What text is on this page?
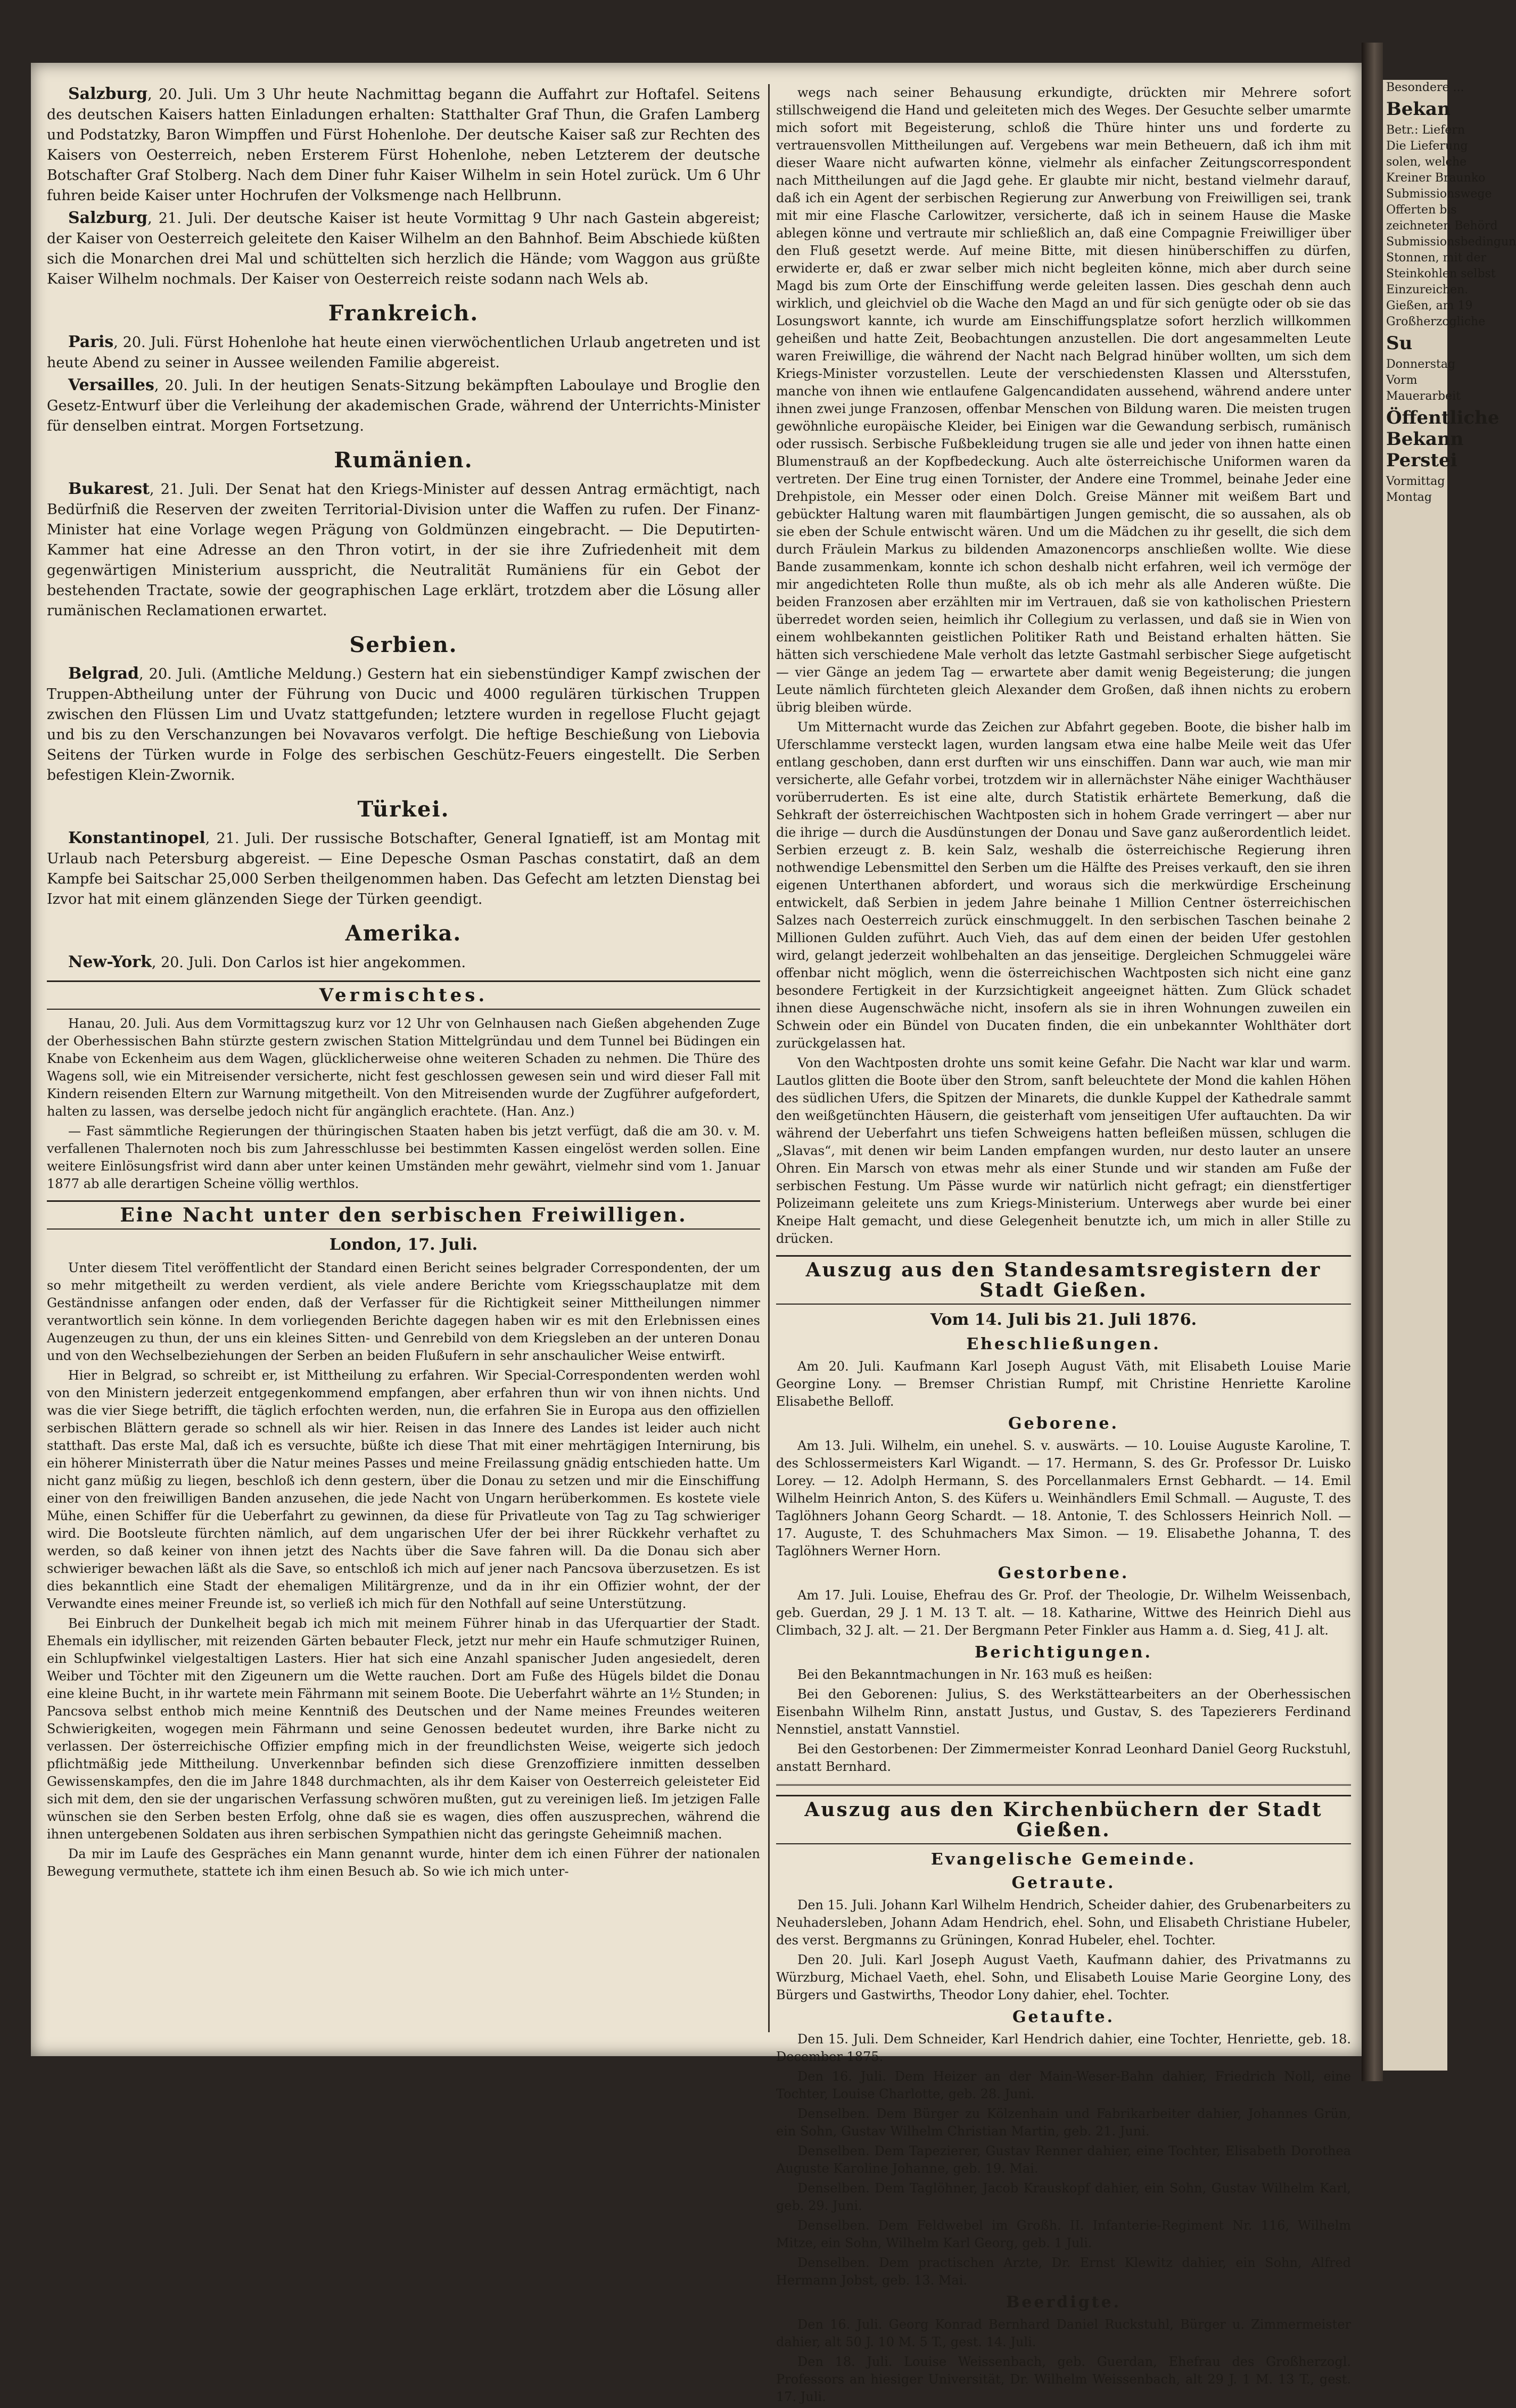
Besondere ...
Bekan
Betr.: Liefern
Die Lieferung
solen, welche
Kreiner Braunko
Submissionswege
Offerten bis
zeichneten Behörd
Submissionsbedingun
Stonnen, mit der
Steinkohlen selbst
Einzureichen.
Gießen, am 19
Großherzogliche
Su
Donnerstag
Vorm
Mauerarbeit
Öffentliche
Bekann
Perstei
Vormittag
Montag

Salzburg, 20. Juli. Um 3 Uhr heute Nachmittag begann die Auffahrt zur Hoftafel. Seitens des deutschen Kaisers hatten Einladungen erhalten: Statthalter Graf Thun, die Grafen Lamberg und Podstatzky, Baron Wimpffen und Fürst Hohenlohe. Der deutsche Kaiser saß zur Rechten des Kaisers von Oesterreich, neben Ersterem Fürst Hohenlohe, neben Letzterem der deutsche Botschafter Graf Stolberg. Nach dem Diner fuhr Kaiser Wilhelm in sein Hotel zurück. Um 6 Uhr fuhren beide Kaiser unter Hochrufen der Volksmenge nach Hellbrunn.

Salzburg, 21. Juli. Der deutsche Kaiser ist heute Vormittag 9 Uhr nach Gastein abgereist; der Kaiser von Oesterreich geleitete den Kaiser Wilhelm an den Bahnhof. Beim Abschiede küßten sich die Monarchen drei Mal und schüttelten sich herzlich die Hände; vom Waggon aus grüßte Kaiser Wilhelm nochmals. Der Kaiser von Oesterreich reiste sodann nach Wels ab.

Frankreich.

Paris, 20. Juli. Fürst Hohenlohe hat heute einen vierwöchentlichen Urlaub angetreten und ist heute Abend zu seiner in Aussee weilenden Familie abgereist.

Versailles, 20. Juli. In der heutigen Senats-Sitzung bekämpften Laboulaye und Broglie den Gesetz-Entwurf über die Verleihung der akademischen Grade, während der Unterrichts-Minister für denselben eintrat. Morgen Fortsetzung.

Rumänien.

Bukarest, 21. Juli. Der Senat hat den Kriegs-Minister auf dessen Antrag ermächtigt, nach Bedürfniß die Reserven der zweiten Territorial-Division unter die Waffen zu rufen. Der Finanz-Minister hat eine Vorlage wegen Prägung von Goldmünzen eingebracht. — Die Deputirten-Kammer hat eine Adresse an den Thron votirt, in der sie ihre Zufriedenheit mit dem gegenwärtigen Ministerium ausspricht, die Neutralität Rumäniens für ein Gebot der bestehenden Tractate, sowie der geographischen Lage erklärt, trotzdem aber die Lösung aller rumänischen Reclamationen erwartet.

Serbien.

Belgrad, 20. Juli. (Amtliche Meldung.) Gestern hat ein siebenstündiger Kampf zwischen der Truppen-Abtheilung unter der Führung von Ducic und 4000 regulären türkischen Truppen zwischen den Flüssen Lim und Uvatz stattgefunden; letztere wurden in regellose Flucht gejagt und bis zu den Verschanzungen bei Novavaros verfolgt. Die heftige Beschießung von Liebovia Seitens der Türken wurde in Folge des serbischen Geschütz-Feuers eingestellt. Die Serben befestigen Klein-Zwornik.

Türkei.

Konstantinopel, 21. Juli. Der russische Botschafter, General Ignatieff, ist am Montag mit Urlaub nach Petersburg abgereist. — Eine Depesche Osman Paschas constatirt, daß an dem Kampfe bei Saitschar 25,000 Serben theilgenommen haben. Das Gefecht am letzten Dienstag bei Izvor hat mit einem glänzenden Siege der Türken geendigt.

Amerika.

New-York, 20. Juli. Don Carlos ist hier angekommen.

Vermischtes.

Hanau, 20. Juli. Aus dem Vormittagszug kurz vor 12 Uhr von Gelnhausen nach Gießen abgehenden Zuge der Oberhessischen Bahn stürzte gestern zwischen Station Mittelgründau und dem Tunnel bei Büdingen ein Knabe von Eckenheim aus dem Wagen, glücklicherweise ohne weiteren Schaden zu nehmen. Die Thüre des Wagens soll, wie ein Mitreisender versicherte, nicht fest geschlossen gewesen sein und wird dieser Fall mit Kindern reisenden Eltern zur Warnung mitgetheilt. Von den Mitreisenden wurde der Zugführer aufgefordert, halten zu lassen, was derselbe jedoch nicht für angänglich erachtete. (Han. Anz.)

— Fast sämmtliche Regierungen der thüringischen Staaten haben bis jetzt verfügt, daß die am 30. v. M. verfallenen Thalernoten noch bis zum Jahresschlusse bei bestimmten Kassen eingelöst werden sollen. Eine weitere Einlösungsfrist wird dann aber unter keinen Umständen mehr gewährt, vielmehr sind vom 1. Januar 1877 ab alle derartigen Scheine völlig werthlos.

Eine Nacht unter den serbischen Freiwilligen.
London, 17. Juli.

Unter diesem Titel veröffentlicht der Standard einen Bericht seines belgrader Correspondenten, der um so mehr mitgetheilt zu werden verdient, als viele andere Berichte vom Kriegsschauplatze mit dem Geständnisse anfangen oder enden, daß der Verfasser für die Richtigkeit seiner Mittheilungen nimmer verantwortlich sein könne. In dem vorliegenden Berichte dagegen haben wir es mit den Erlebnissen eines Augenzeugen zu thun, der uns ein kleines Sitten- und Genrebild von dem Kriegsleben an der unteren Donau und von den Wechselbeziehungen der Serben an beiden Flußufern in sehr anschaulicher Weise entwirft.

Hier in Belgrad, so schreibt er, ist Mittheilung zu erfahren. Wir Special-Correspondenten werden wohl von den Ministern jederzeit entgegenkommend empfangen, aber erfahren thun wir von ihnen nichts. Und was die vier Siege betrifft, die täglich erfochten werden, nun, die erfahren Sie in Europa aus den offiziellen serbischen Blättern gerade so schnell als wir hier. Reisen in das Innere des Landes ist leider auch nicht statthaft. Das erste Mal, daß ich es versuchte, büßte ich diese That mit einer mehrtägigen Internirung, bis ein höherer Ministerrath über die Natur meines Passes und meine Freilassung gnädig entschieden hatte. Um nicht ganz müßig zu liegen, beschloß ich denn gestern, über die Donau zu setzen und mir die Einschiffung einer von den freiwilligen Banden anzusehen, die jede Nacht von Ungarn herüberkommen. Es kostete viele Mühe, einen Schiffer für die Ueberfahrt zu gewinnen, da diese für Privatleute von Tag zu Tag schwieriger wird. Die Bootsleute fürchten nämlich, auf dem ungarischen Ufer der bei ihrer Rückkehr verhaftet zu werden, so daß keiner von ihnen jetzt des Nachts über die Save fahren will. Da die Donau sich aber schwieriger bewachen läßt als die Save, so entschloß ich mich auf jener nach Pancsova überzusetzen. Es ist dies bekanntlich eine Stadt der ehemaligen Militärgrenze, und da in ihr ein Offizier wohnt, der der Verwandte eines meiner Freunde ist, so verließ ich mich für den Nothfall auf seine Unterstützung.

Bei Einbruch der Dunkelheit begab ich mich mit meinem Führer hinab in das Uferquartier der Stadt. Ehemals ein idyllischer, mit reizenden Gärten bebauter Fleck, jetzt nur mehr ein Haufe schmutziger Ruinen, ein Schlupfwinkel vielgestaltigen Lasters. Hier hat sich eine Anzahl spanischer Juden angesiedelt, deren Weiber und Töchter mit den Zigeunern um die Wette rauchen. Dort am Fuße des Hügels bildet die Donau eine kleine Bucht, in ihr wartete mein Fährmann mit seinem Boote. Die Ueberfahrt währte an 1½ Stunden; in Pancsova selbst enthob mich meine Kenntniß des Deutschen und der Name meines Freundes weiteren Schwierigkeiten, wogegen mein Fährmann und seine Genossen bedeutet wurden, ihre Barke nicht zu verlassen. Der österreichische Offizier empfing mich in der freundlichsten Weise, weigerte sich jedoch pflichtmäßig jede Mittheilung. Unverkennbar befinden sich diese Grenzoffiziere inmitten desselben Gewissenskampfes, den die im Jahre 1848 durchmachten, als ihr dem Kaiser von Oesterreich geleisteter Eid sich mit dem, den sie der ungarischen Verfassung schwören mußten, gut zu vereinigen ließ. Im jetzigen Falle wünschen sie den Serben besten Erfolg, ohne daß sie es wagen, dies offen auszusprechen, während die ihnen untergebenen Soldaten aus ihren serbischen Sympathien nicht das geringste Geheimniß machen.

Da mir im Laufe des Gespräches ein Mann genannt wurde, hinter dem ich einen Führer der nationalen Bewegung vermuthete, stattete ich ihm einen Besuch ab. So wie ich mich unter-

wegs nach seiner Behausung erkundigte, drückten mir Mehrere sofort stillschweigend die Hand und geleiteten mich des Weges. Der Gesuchte selber umarmte mich sofort mit Begeisterung, schloß die Thüre hinter uns und forderte zu vertrauensvollen Mittheilungen auf. Vergebens war mein Betheuern, daß ich ihm mit dieser Waare nicht aufwarten könne, vielmehr als einfacher Zeitungscorrespondent nach Mittheilungen auf die Jagd gehe. Er glaubte mir nicht, bestand vielmehr darauf, daß ich ein Agent der serbischen Regierung zur Anwerbung von Freiwilligen sei, trank mit mir eine Flasche Carlowitzer, versicherte, daß ich in seinem Hause die Maske ablegen könne und vertraute mir schließlich an, daß eine Compagnie Freiwilliger über den Fluß gesetzt werde. Auf meine Bitte, mit diesen hinüberschiffen zu dürfen, erwiderte er, daß er zwar selber mich nicht begleiten könne, mich aber durch seine Magd bis zum Orte der Einschiffung werde geleiten lassen. Dies geschah denn auch wirklich, und gleichviel ob die Wache den Magd an und für sich genügte oder ob sie das Losungswort kannte, ich wurde am Einschiffungsplatze sofort herzlich willkommen geheißen und hatte Zeit, Beobachtungen anzustellen. Die dort angesammelten Leute waren Freiwillige, die während der Nacht nach Belgrad hinüber wollten, um sich dem Kriegs-Minister vorzustellen. Leute der verschiedensten Klassen und Altersstufen, manche von ihnen wie entlaufene Galgencandidaten aussehend, während andere unter ihnen zwei junge Franzosen, offenbar Menschen von Bildung waren. Die meisten trugen gewöhnliche europäische Kleider, bei Einigen war die Gewandung serbisch, rumänisch oder russisch. Serbische Fußbekleidung trugen sie alle und jeder von ihnen hatte einen Blumenstrauß an der Kopfbedeckung. Auch alte österreichische Uniformen waren da vertreten. Der Eine trug einen Tornister, der Andere eine Trommel, beinahe Jeder eine Drehpistole, ein Messer oder einen Dolch. Greise Männer mit weißem Bart und gebückter Haltung waren mit flaumbärtigen Jungen gemischt, die so aussahen, als ob sie eben der Schule entwischt wären. Und um die Mädchen zu ihr gesellt, die sich dem durch Fräulein Markus zu bildenden Amazonencorps anschließen wollte. Wie diese Bande zusammenkam, konnte ich schon deshalb nicht erfahren, weil ich vermöge der mir angedichteten Rolle thun mußte, als ob ich mehr als alle Anderen wüßte. Die beiden Franzosen aber erzählten mir im Vertrauen, daß sie von katholischen Priestern überredet worden seien, heimlich ihr Collegium zu verlassen, und daß sie in Wien von einem wohlbekannten geistlichen Politiker Rath und Beistand erhalten hätten. Sie hätten sich verschiedene Male verholt das letzte Gastmahl serbischer Siege aufgetischt — vier Gänge an jedem Tag — erwartete aber damit wenig Begeisterung; die jungen Leute nämlich fürchteten gleich Alexander dem Großen, daß ihnen nichts zu erobern übrig bleiben würde.

Um Mitternacht wurde das Zeichen zur Abfahrt gegeben. Boote, die bisher halb im Uferschlamme versteckt lagen, wurden langsam etwa eine halbe Meile weit das Ufer entlang geschoben, dann erst durften wir uns einschiffen. Dann war auch, wie man mir versicherte, alle Gefahr vorbei, trotzdem wir in allernächster Nähe einiger Wachthäuser vorüberruderten. Es ist eine alte, durch Statistik erhärtete Bemerkung, daß die Sehkraft der österreichischen Wachtposten sich in hohem Grade verringert — aber nur die ihrige — durch die Ausdünstungen der Donau und Save ganz außerordentlich leidet. Serbien erzeugt z. B. kein Salz, weshalb die österreichische Regierung ihren nothwendige Lebensmittel den Serben um die Hälfte des Preises verkauft, den sie ihren eigenen Unterthanen abfordert, und woraus sich die merkwürdige Erscheinung entwickelt, daß Serbien in jedem Jahre beinahe 1 Million Centner österreichischen Salzes nach Oesterreich zurück einschmuggelt. In den serbischen Taschen beinahe 2 Millionen Gulden zuführt. Auch Vieh, das auf dem einen der beiden Ufer gestohlen wird, gelangt jederzeit wohlbehalten an das jenseitige. Dergleichen Schmuggelei wäre offenbar nicht möglich, wenn die österreichischen Wachtposten sich nicht eine ganz besondere Fertigkeit in der Kurzsichtigkeit angeeignet hätten. Zum Glück schadet ihnen diese Augenschwäche nicht, insofern als sie in ihren Wohnungen zuweilen ein Schwein oder ein Bündel von Ducaten finden, die ein unbekannter Wohlthäter dort zurückgelassen hat.

Von den Wachtposten drohte uns somit keine Gefahr. Die Nacht war klar und warm. Lautlos glitten die Boote über den Strom, sanft beleuchtete der Mond die kahlen Höhen des südlichen Ufers, die Spitzen der Minarets, die dunkle Kuppel der Kathedrale sammt den weißgetünchten Häusern, die geisterhaft vom jenseitigen Ufer auftauchten. Da wir während der Ueberfahrt uns tiefen Schweigens hatten befleißen müssen, schlugen die „Slavas“, mit denen wir beim Landen empfangen wurden, nur desto lauter an unsere Ohren. Ein Marsch von etwas mehr als einer Stunde und wir standen am Fuße der serbischen Festung. Um Pässe wurde wir natürlich nicht gefragt; ein dienstfertiger Polizeimann geleitete uns zum Kriegs-Ministerium. Unterwegs aber wurde bei einer Kneipe Halt gemacht, und diese Gelegenheit benutzte ich, um mich in aller Stille zu drücken.

Auszug aus den Standesamtsregistern der Stadt Gießen.
Vom 14. Juli bis 21. Juli 1876.
Eheschließungen.

Am 20. Juli. Kaufmann Karl Joseph August Väth, mit Elisabeth Louise Marie Georgine Lony. — Bremser Christian Rumpf, mit Christine Henriette Karoline Elisabethe Belloff.

Geborene.

Am 13. Juli. Wilhelm, ein unehel. S. v. auswärts. — 10. Louise Auguste Karoline, T. des Schlossermeisters Karl Wigandt. — 17. Hermann, S. des Gr. Professor Dr. Luisko Lorey. — 12. Adolph Hermann, S. des Porcellanmalers Ernst Gebhardt. — 14. Emil Wilhelm Heinrich Anton, S. des Küfers u. Weinhändlers Emil Schmall. — Auguste, T. des Taglöhners Johann Georg Schardt. — 18. Antonie, T. des Schlossers Heinrich Noll. — 17. Auguste, T. des Schuhmachers Max Simon. — 19. Elisabethe Johanna, T. des Taglöhners Werner Horn.

Gestorbene.

Am 17. Juli. Louise, Ehefrau des Gr. Prof. der Theologie, Dr. Wilhelm Weissenbach, geb. Guerdan, 29 J. 1 M. 13 T. alt. — 18. Katharine, Wittwe des Heinrich Diehl aus Climbach, 32 J. alt. — 21. Der Bergmann Peter Finkler aus Hamm a. d. Sieg, 41 J. alt.

Berichtigungen.

Bei den Bekanntmachungen in Nr. 163 muß es heißen:

Bei den Geborenen: Julius, S. des Werkstättearbeiters an der Oberhessischen Eisenbahn Wilhelm Rinn, anstatt Justus, und Gustav, S. des Tapezierers Ferdinand Nennstiel, anstatt Vannstiel.

Bei den Gestorbenen: Der Zimmermeister Konrad Leonhard Daniel Georg Ruckstuhl, anstatt Bernhard.

Auszug aus den Kirchenbüchern der Stadt Gießen.
Evangelische Gemeinde.
Getraute.

Den 15. Juli. Johann Karl Wilhelm Hendrich, Scheider dahier, des Grubenarbeiters zu Neuhadersleben, Johann Adam Hendrich, ehel. Sohn, und Elisabeth Christiane Hubeler, des verst. Bergmanns zu Grüningen, Konrad Hubeler, ehel. Tochter.

Den 20. Juli. Karl Joseph August Vaeth, Kaufmann dahier, des Privatmanns zu Würzburg, Michael Vaeth, ehel. Sohn, und Elisabeth Louise Marie Georgine Lony, des Bürgers und Gastwirths, Theodor Lony dahier, ehel. Tochter.

Getaufte.

Den 15. Juli. Dem Schneider, Karl Hendrich dahier, eine Tochter, Henriette, geb. 18. December 1875.

Den 16. Juli. Dem Heizer an der Main-Weser-Bahn dahier, Friedrich Noll, eine Tochter, Louise Charlotte, geb. 28. Juni.

Denselben. Dem Bürger zu Kölzenhain und Fabrikarbeiter dahier, Johannes Grün, ein Sohn, Gustav Wilhelm Christian Martin, geb. 21. Juni.

Denselben. Dem Tapezierer, Gustav Renner dahier, eine Tochter, Elisabeth Dorothea Auguste Karoline Johanne, geb. 19. Mai.

Denselben. Dem Taglöhner, Jacob Krauskopf dahier, ein Sohn, Gustav Wilhelm Karl, geb. 29. Juni.

Denselben. Dem Feldwebel im Großh. II. Infanterie-Regiment Nr. 116, Wilhelm Mitze, ein Sohn, Wilhelm Karl Georg, geb. 1 Juli.

Denselben. Dem practischen Arzte, Dr. Ernst Klewitz dahier, ein Sohn, Alfred Hermann Jobst, geb. 13. Mai.

Beerdigte.

Den 16. Juli. Georg Konrad Bernhard Daniel Ruckstuhl, Bürger u. Zimmermeister dahier, alt 50 J. 10 M. 5 T., gest. 14. Juli.

Den 18. Juli. Louise Weissenbach, geb. Guerdan, Ehefrau des Großherzogl. Professors an hiesiger Universität, Dr. Wilhelm Weissenbach, alt 29 J. 1 M. 13 T., gest. 17. Juli.
